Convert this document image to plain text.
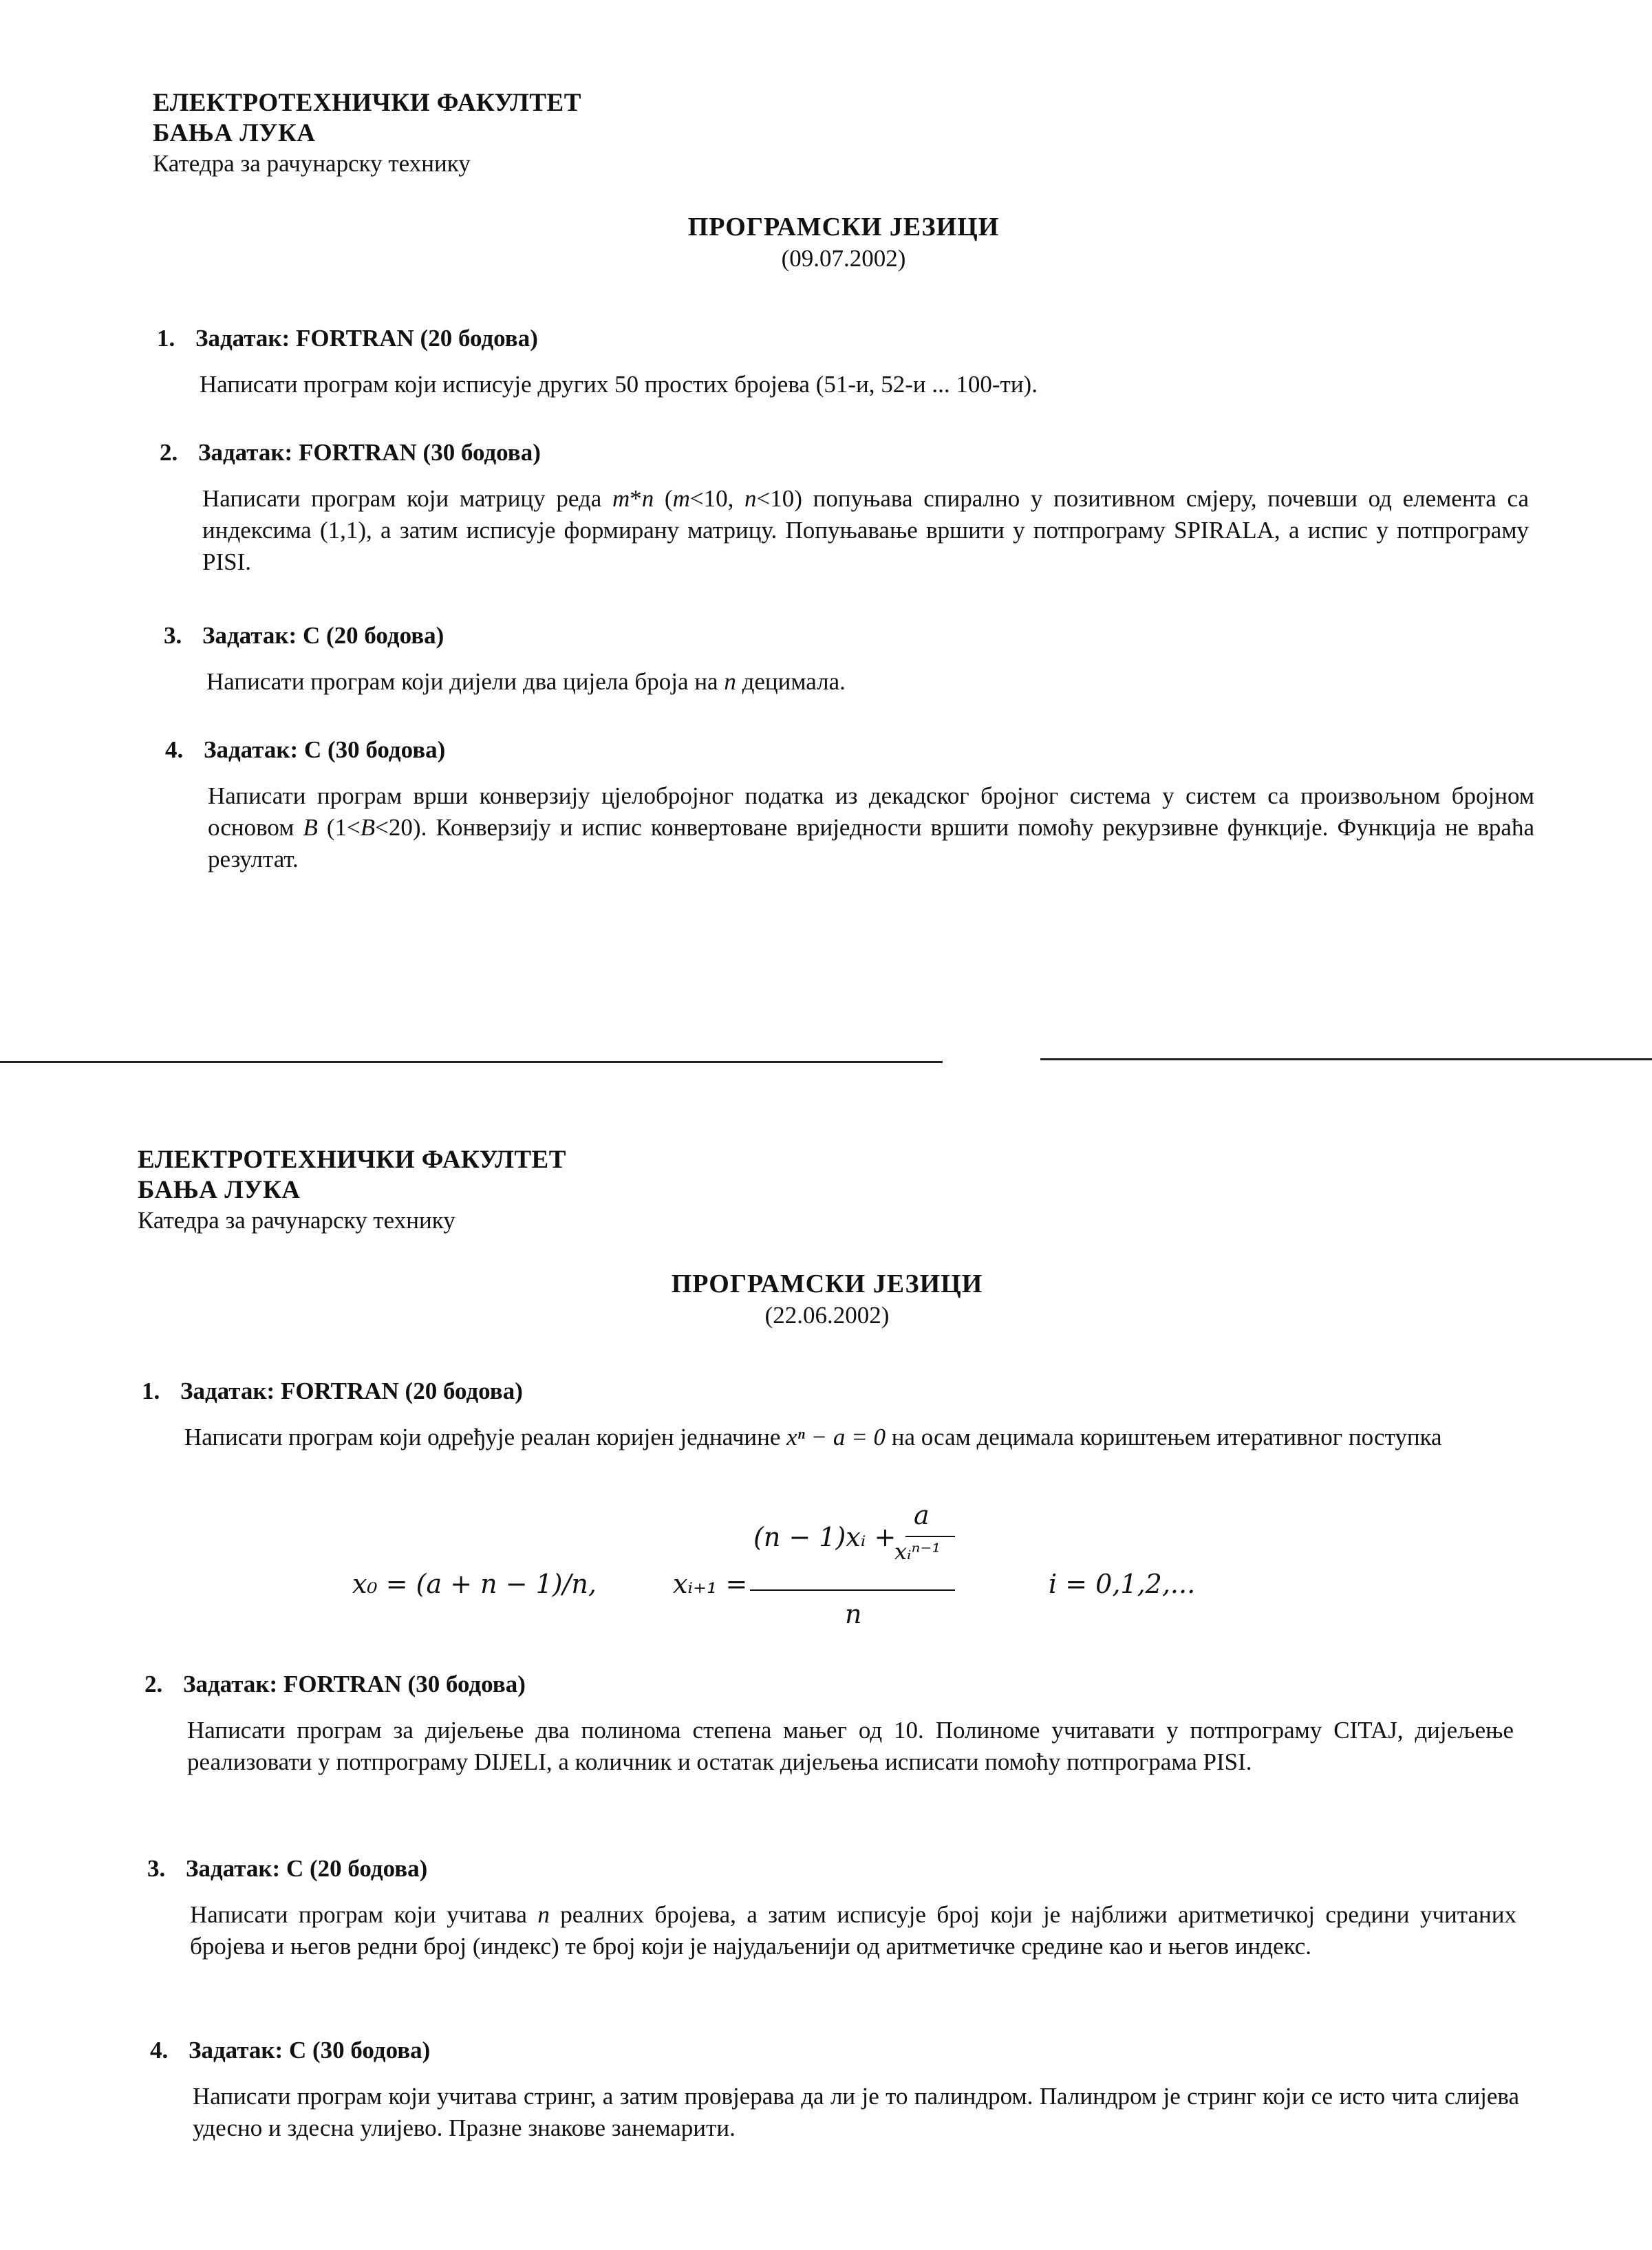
ЕЛЕКТРОТЕХНИЧКИ ФАКУЛТЕТ
БАЊА ЛУКА
Катедра за рачунарску технику
ПРОГРАМСКИ ЈЕЗИЦИ
(09.07.2002)
1. Задатак: FORTRAN (20 бодова)
Написати програм који исписује других 50 простих бројева (51-и, 52-и ... 100-ти).
2. Задатак: FORTRAN (30 бодова)
Написати програм који матрицу реда m*n (m<10, n<10) попуњава спирално у позитивном смјеру, почевши од елемента са индексима (1,1), а затим исписује формирану матрицу. Попуњавање вршити у потпрограму SPIRALA, а испис у потпрограму PISI.
3. Задатак: C (20 бодова)
Написати програм који дијели два цијела броја на n децимала.
4. Задатак: C (30 бодова)
Написати програм врши конверзију цјелобројног податка из декадског бројног система у систем са произвољном бројном основом B (1<B<20). Конверзију и испис конвертоване вриједности вршити помоћу рекурзивне функције. Функција не враћа резултат.
ЕЛЕКТРОТЕХНИЧКИ ФАКУЛТЕТ
БАЊА ЛУКА
Катедра за рачунарску технику
ПРОГРАМСКИ ЈЕЗИЦИ
(22.06.2002)
1. Задатак: FORTRAN (20 бодова)
Написати програм који одређује реалан коријен једначине xⁿ − a = 0 на осам децимала кориштењем итеративног поступка
x₀ = (a + n − 1)/n,	xᵢ₊₁ =
(n − 1)xᵢ +
a
xᵢⁿ⁻¹
n
i = 0,1,2,...
2. Задатак: FORTRAN (30 бодова)
Написати програм за дијељење два полинома степена мањег од 10. Полиноме учитавати у потпрограму CITAJ, дијељење реализовати у потпрограму DIJELI, а количник и остатак дијељења исписати помоћу потпрограма PISI.
3. Задатак: C (20 бодова)
Написати програм који учитава n реалних бројева, а затим исписује број који је најближи аритметичкој средини учитаних бројева и његов редни број (индекс) те број који је најудаљенији од аритметичке средине као и његов индекс.
4. Задатак: C (30 бодова)
Написати програм који учитава стринг, а затим провјерава да ли је то палиндром. Палиндром је стринг који се исто чита слијева удесно и здесна улијево. Празне знакове занемарити.
